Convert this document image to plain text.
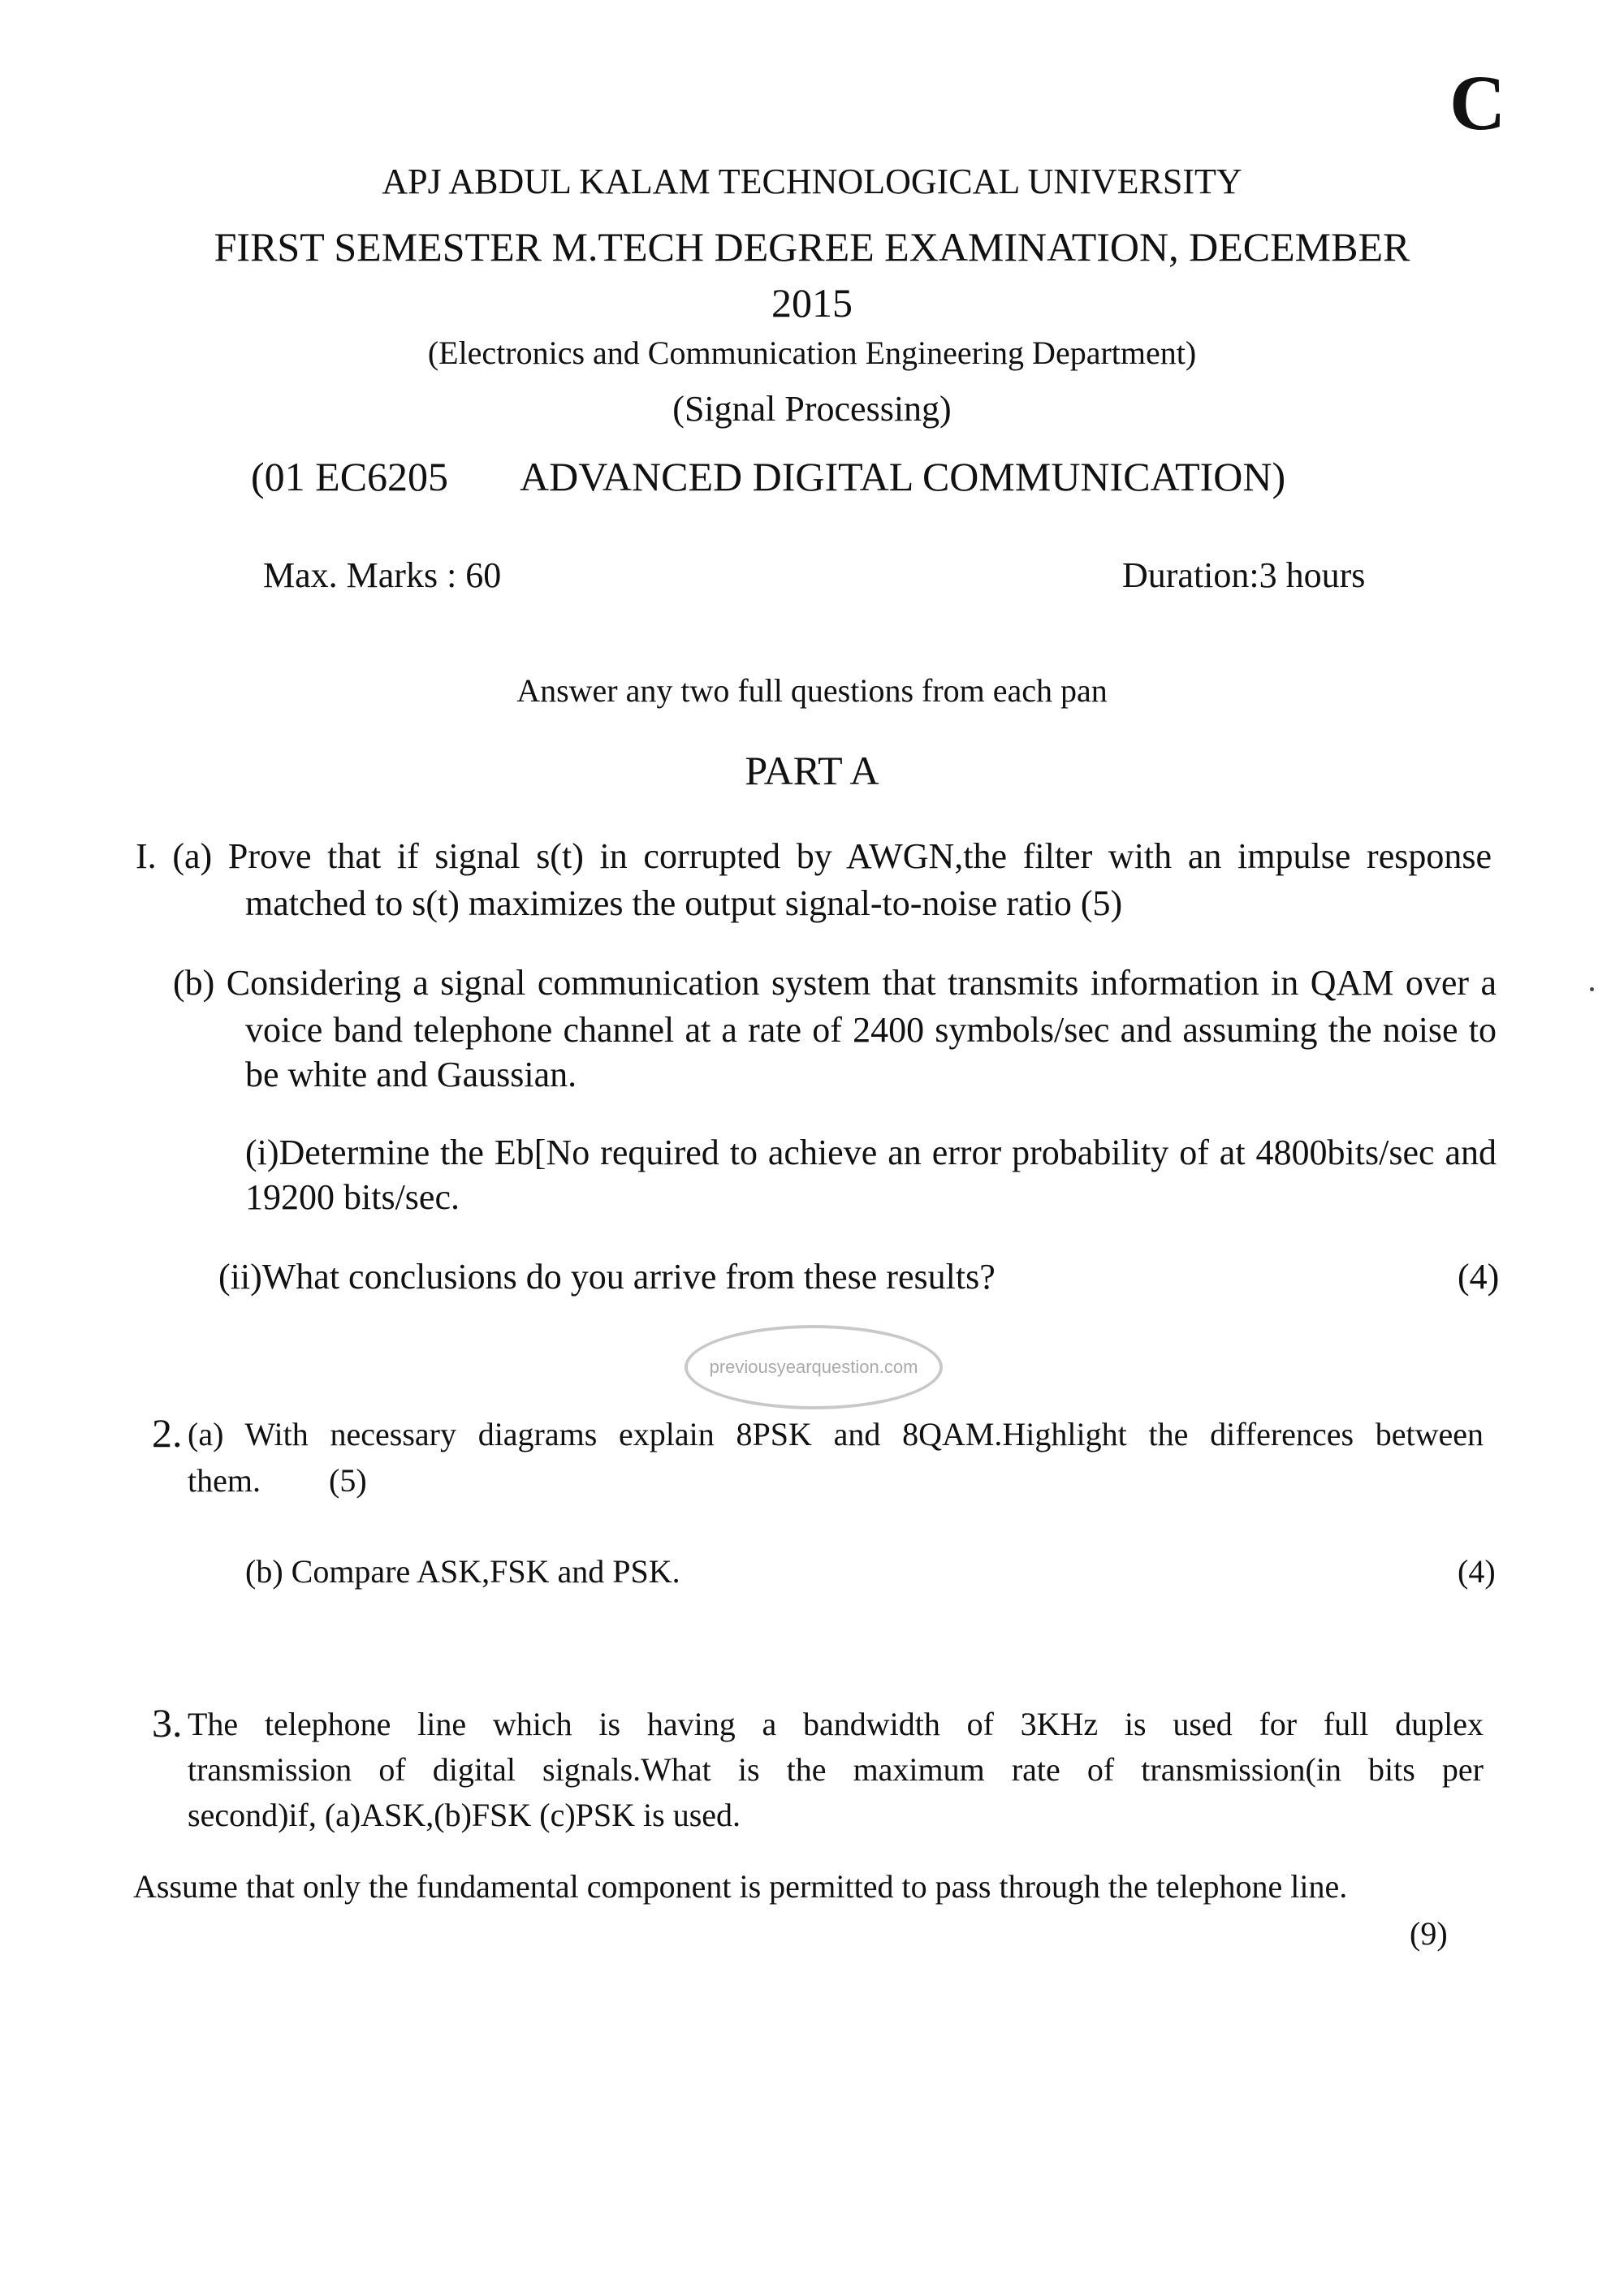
C
APJ ABDUL KALAM TECHNOLOGICAL UNIVERSITY
FIRST SEMESTER M.TECH DEGREE EXAMINATION, DECEMBER
2015
(Electronics and Communication Engineering Department)
(Signal Processing)
(01 EC6205 ADVANCED DIGITAL COMMUNICATION)
Max. Marks : 60	Duration:3 hours
Answer any two full questions from each pan
PART A
I. (a) Prove that if signal s(t) in corrupted by AWGN,the filter with an impulse response
matched to s(t) maximizes the output signal-to-noise ratio (5)
(b) Considering a signal communication system that transmits information in QAM over a
voice band telephone channel at a rate of 2400 symbols/sec and assuming the noise to
be white and Gaussian.
(i)Determine the Eb[No required to achieve an error probability of at 4800bits/sec and
19200 bits/sec.
(ii)What conclusions do you arrive from these results?	(4)
previousyearquestion.com
2. (a) With necessary diagrams explain 8PSK and 8QAM.Highlight the differences between
them. (5)
(b) Compare ASK,FSK and PSK.	(4)
3. The telephone line which is having a bandwidth of 3KHz is used for full duplex
transmission of digital signals.What is the maximum rate of transmission(in bits per
second)if, (a)ASK,(b)FSK (c)PSK is used.
Assume that only the fundamental component is permitted to pass through the telephone line.
(9)
